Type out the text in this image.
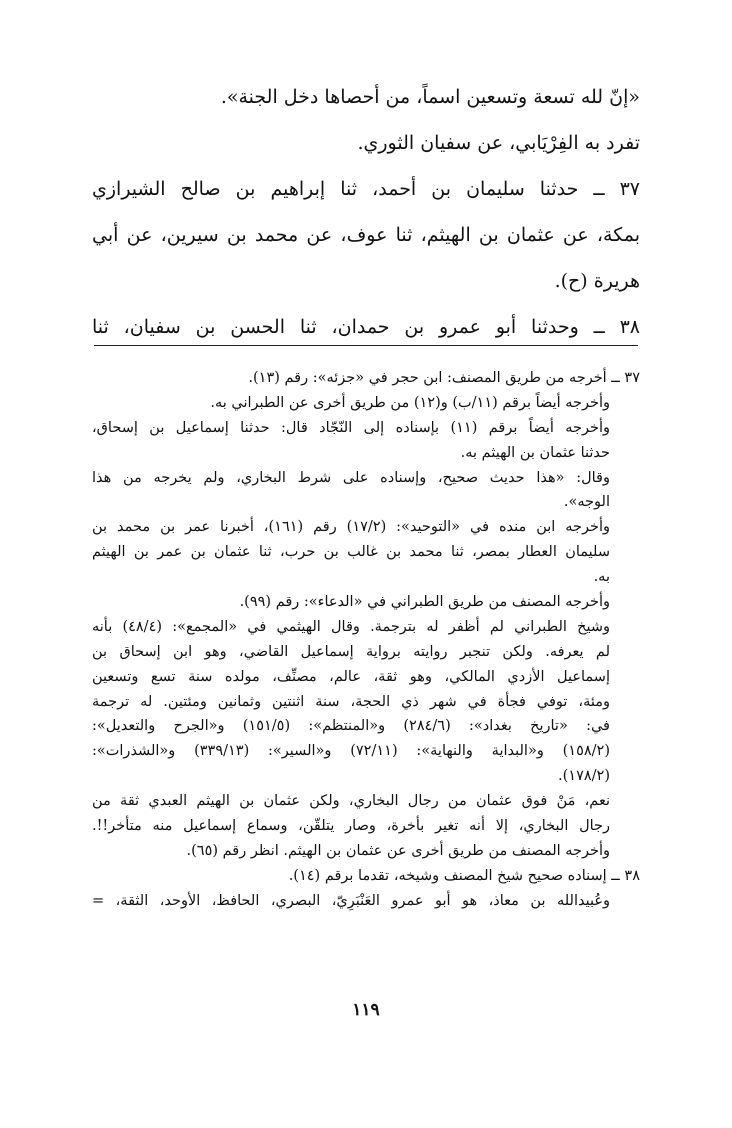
«إنّ لله تسعة وتسعين اسماً، من أحصاها دخل الجنة».
تفرد به الفِرْيَابي، عن سفيان الثوري.
٣٧ ــ حدثنا سليمان بن أحمد، ثنا إبراهيم بن صالح الشيرازي
بمكة، عن عثمان بن الهيثم، ثنا عوف، عن محمد بن سيرين، عن أبي
هريرة (ح).
٣٨ ــ وحدثنا أبو عمرو بن حمدان، ثنا الحسن بن سفيان، ثنا
٣٧ ــ أخرجه من طريق المصنف: ابن حجر في «جزئه»: رقم (١٣).
وأخرجه أيضاً برقم (١١/ب) و(١٢) من طريق أخرى عن الطبراني به.
وأخرجه أيضاً برقم (١١) بإسناده إلى النّجّاد قال: حدثنا إسماعيل بن إسحاق،
حدثنا عثمان بن الهيثم به.
وقال: «هذا حديث صحيح، وإسناده على شرط البخاري، ولم يخرجه من هذا
الوجه».
وأخرجه ابن منده في «التوحيد»: (١٧/٢) رقم (١٦١)، أخبرنا عمر بن محمد بن
سليمان العطار بمصر، ثنا محمد بن غالب بن حرب، ثنا عثمان بن عمر بن الهيثم
به.
وأخرجه المصنف من طريق الطبراني في «الدعاء»: رقم (٩٩).
وشيخ الطبراني لم أظفر له بترجمة. وقال الهيثمي في «المجمع»: (٤٨/٤) بأنه
لم يعرفه. ولكن تنجبر روايته برواية إسماعيل القاضي، وهو ابن إسحاق بن
إسماعيل الأزدي المالكي، وهو ثقة، عالم، مصنِّف، مولده سنة تسع وتسعين
ومئة، توفي فجأة في شهر ذي الحجة، سنة اثنتين وثمانين ومئتين. له ترجمة
في: «تاريخ بغداد»: (٢٨٤/٦) و«المنتظم»: (١٥١/٥) و«الجرح والتعديل»:
(١٥٨/٢) و«البداية والنهاية»: (٧٢/١١) و«السير»: (٣٣٩/١٣) و«الشذرات»:
(١٧٨/٢).
نعم، مَنْ فوق عثمان من رجال البخاري، ولكن عثمان بن الهيثم العبدي ثقة من
رجال البخاري، إلا أنه تغير بأخرة، وصار يتلقّن، وسماع إسماعيل منه متأخر!!.
وأخرجه المصنف من طريق أخرى عن عثمان بن الهيثم. انظر رقم (٦٥).
٣٨ ــ إسناده صحيح شيخ المصنف وشيخه، تقدما برقم (١٤).
وعُبيدالله بن معاذ، هو أبو عمرو العَنْبَرِيّ، البصري، الحافظ، الأوحد، الثقة، =
١١٩
